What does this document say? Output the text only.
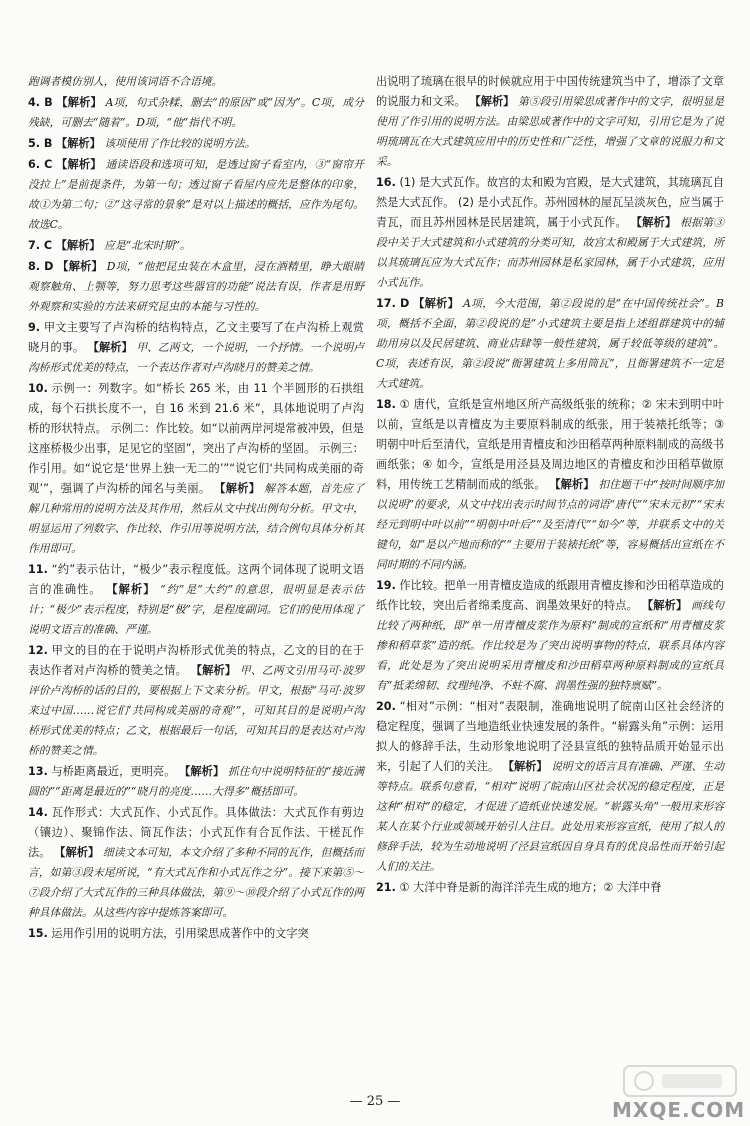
跑调者模仿别人，使用该词语不合语境。

4. B 【解析】 A项，句式杂糅，删去“的原因”或“因为”。C项，成分残缺，可删去“随着”。D项，“他”指代不明。

5. B 【解析】 该项使用了作比较的说明方法。

6. C 【解析】 通读语段和选项可知，是透过窗子看室内，③“窗帘开没拉上”是前提条件，为第一句；透过窗子看屋内应先是整体的印象，故①为第二句；②“这寻常的景象”是对以上描述的概括，应作为尾句。故选C。

7. C 【解析】 应是“北宋时期”。

8. D 【解析】 D项，“他把昆虫装在木盒里，浸在酒精里，睁大眼睛观察触角、上颚等，努力思考这些器官的功能”说法有误，作者是用野外观察和实验的方法来研究昆虫的本能与习性的。

9. 甲文主要写了卢沟桥的结构特点，乙文主要写了在卢沟桥上观赏晓月的事。 【解析】 甲、乙两文，一个说明，一个抒情。一个说明卢沟桥形式优美的特点，一个表达作者对卢沟晓月的赞美之情。

10. 示例一：列数字。如“桥长 265 米，由 11 个半圆形的石拱组成，每个石拱长度不一，自 16 米到 21.6 米”，具体地说明了卢沟桥的形状特点。 示例二：作比较。如“以前两岸河堤常被冲毁，但是这座桥极少出事，足见它的坚固”，突出了卢沟桥的坚固。 示例三：作引用。如“说它是‘世界上独一无二的’”“说它们‘共同构成美丽的奇观’”，强调了卢沟桥的闻名与美丽。 【解析】 解答本题，首先应了解几种常用的说明方法及其作用，然后从文中找出例句分析。甲文中，明显运用了列数字、作比较、作引用等说明方法，结合例句具体分析其作用即可。

11. “约”表示估计，“极少”表示程度低。这两个词体现了说明文语言的准确性。 【解析】 “约”是“大约”的意思，很明显是表示估计；“极少”表示程度，特别是“极”字，是程度副词。它们的使用体现了说明文语言的准确、严谨。

12. 甲文的目的在于说明卢沟桥形式优美的特点，乙文的目的在于表达作者对卢沟桥的赞美之情。 【解析】 甲、乙两文引用马可·波罗评价卢沟桥的话的目的，要根据上下文来分析。甲文，根据“马可·波罗来过中国……说它们‘共同构成美丽的奇观’”，可知其目的是说明卢沟桥形式优美的特点；乙文，根据最后一句话，可知其目的是表达对卢沟桥的赞美之情。

13. 与桥距离最近，更明亮。 【解析】 抓住句中说明特征的“接近满圆的”“距离是最近的”“晓月的亮度……大得多”概括即可。

14. 瓦作形式：大式瓦作、小式瓦作。具体做法：大式瓦作有剪边（镶边）、聚锦作法、筒瓦作法；小式瓦作有合瓦作法、干槎瓦作法。 【解析】 细读文本可知，本文介绍了多种不同的瓦作，但概括而言，如第③段末尾所说，“有大式瓦作和小式瓦作之分”。接下来第⑤～⑦段介绍了大式瓦作的三种具体做法，第⑨～⑩段介绍了小式瓦作的两种具体做法。从这些内容中提炼答案即可。

15. 运用作引用的说明方法，引用梁思成著作中的文字突

出说明了琉璃在很早的时候就应用于中国传统建筑当中了，增添了文章的说服力和文采。 【解析】 第⑤段引用梁思成著作中的文字，很明显是使用了作引用的说明方法。由梁思成著作中的文字可知，引用它是为了说明琉璃瓦在大式建筑应用中的历史性和广泛性，增强了文章的说服力和文采。

16. (1) 是大式瓦作。故宫的太和殿为宫殿，是大式建筑，其琉璃瓦自然是大式瓦作。 (2) 是小式瓦作。苏州园林的屋瓦呈淡灰色，应当属于青瓦，而且苏州园林是民居建筑，属于小式瓦作。 【解析】 根据第③段中关于大式建筑和小式建筑的分类可知，故宫太和殿属于大式建筑，所以其琉璃瓦应为大式瓦作；而苏州园林是私家园林，属于小式建筑，应用小式瓦作。

17. D 【解析】 A项，今大范围，第②段说的是“在中国传统社会”。B项，概括不全面，第②段说的是“小式建筑主要是指上述组群建筑中的辅助用房以及民居建筑、商业店肆等一般性建筑，属于较低等级的建筑”。C项，表述有误，第②段说“衙署建筑上多用筒瓦”，且衙署建筑不一定是大式建筑。

18. ① 唐代，宣纸是宣州地区所产高级纸张的统称；② 宋末到明中叶以前，宣纸是以青檀皮为主要原料制成的纸张，用于装裱托纸等；③ 明朝中叶后至清代，宣纸是用青檀皮和沙田稻草两种原料制成的高级书画纸张；④ 如今，宣纸是用泾县及周边地区的青檀皮和沙田稻草做原料，用传统工艺精制而成的纸张。 【解析】 扣住题干中“按时间顺序加以说明”的要求，从文中找出表示时间节点的词语“唐代”“宋末元初”“宋末经元到明中叶以前”“明朝中叶后”“及至清代”“如今”等，并联系文中的关键句，如“是以产地而称的”“主要用于装裱托纸”等，容易概括出宣纸在不同时期的不同内涵。

19. 作比较。把单一用青檀皮造成的纸跟用青檀皮掺和沙田稻草造成的纸作比较，突出后者绵柔度高、润墨效果好的特点。 【解析】 画线句比较了两种纸，即“单一用青檀皮浆作为原料”制成的宣纸和“用青檀皮浆掺和稻草浆”造的纸。作比较是为了突出说明事物的特点，联系具体内容看，此处是为了突出说明采用青檀皮和沙田稻草两种原料制成的宣纸具有“抵柔绵韧、纹理纯净、不蛀不腐、润墨性强的独特禀赋”。

20. “相对”示例：“相对”表限制，准确地说明了皖南山区社会经济的稳定程度，强调了当地造纸业快速发展的条件。“崭露头角”示例：运用拟人的修辞手法，生动形象地说明了泾县宣纸的独特品质开始显示出来，引起了人们的关注。 【解析】 说明文的语言具有准确、严谨、生动等特点。联系句意看，“相对”说明了皖南山区社会状况的稳定程度，正是这种“相对”的稳定，才促进了造纸业快速发展。“崭露头角”一般用来形容某人在某个行业或领域开始引人注目。此处用来形容宣纸，使用了拟人的修辞手法，较为生动地说明了泾县宣纸因自身具有的优良品性而开始引起人们的关注。

21. ① 大洋中脊是新的海洋洋壳生成的地方；② 大洋中脊

— 25 —	MXQE.COM
